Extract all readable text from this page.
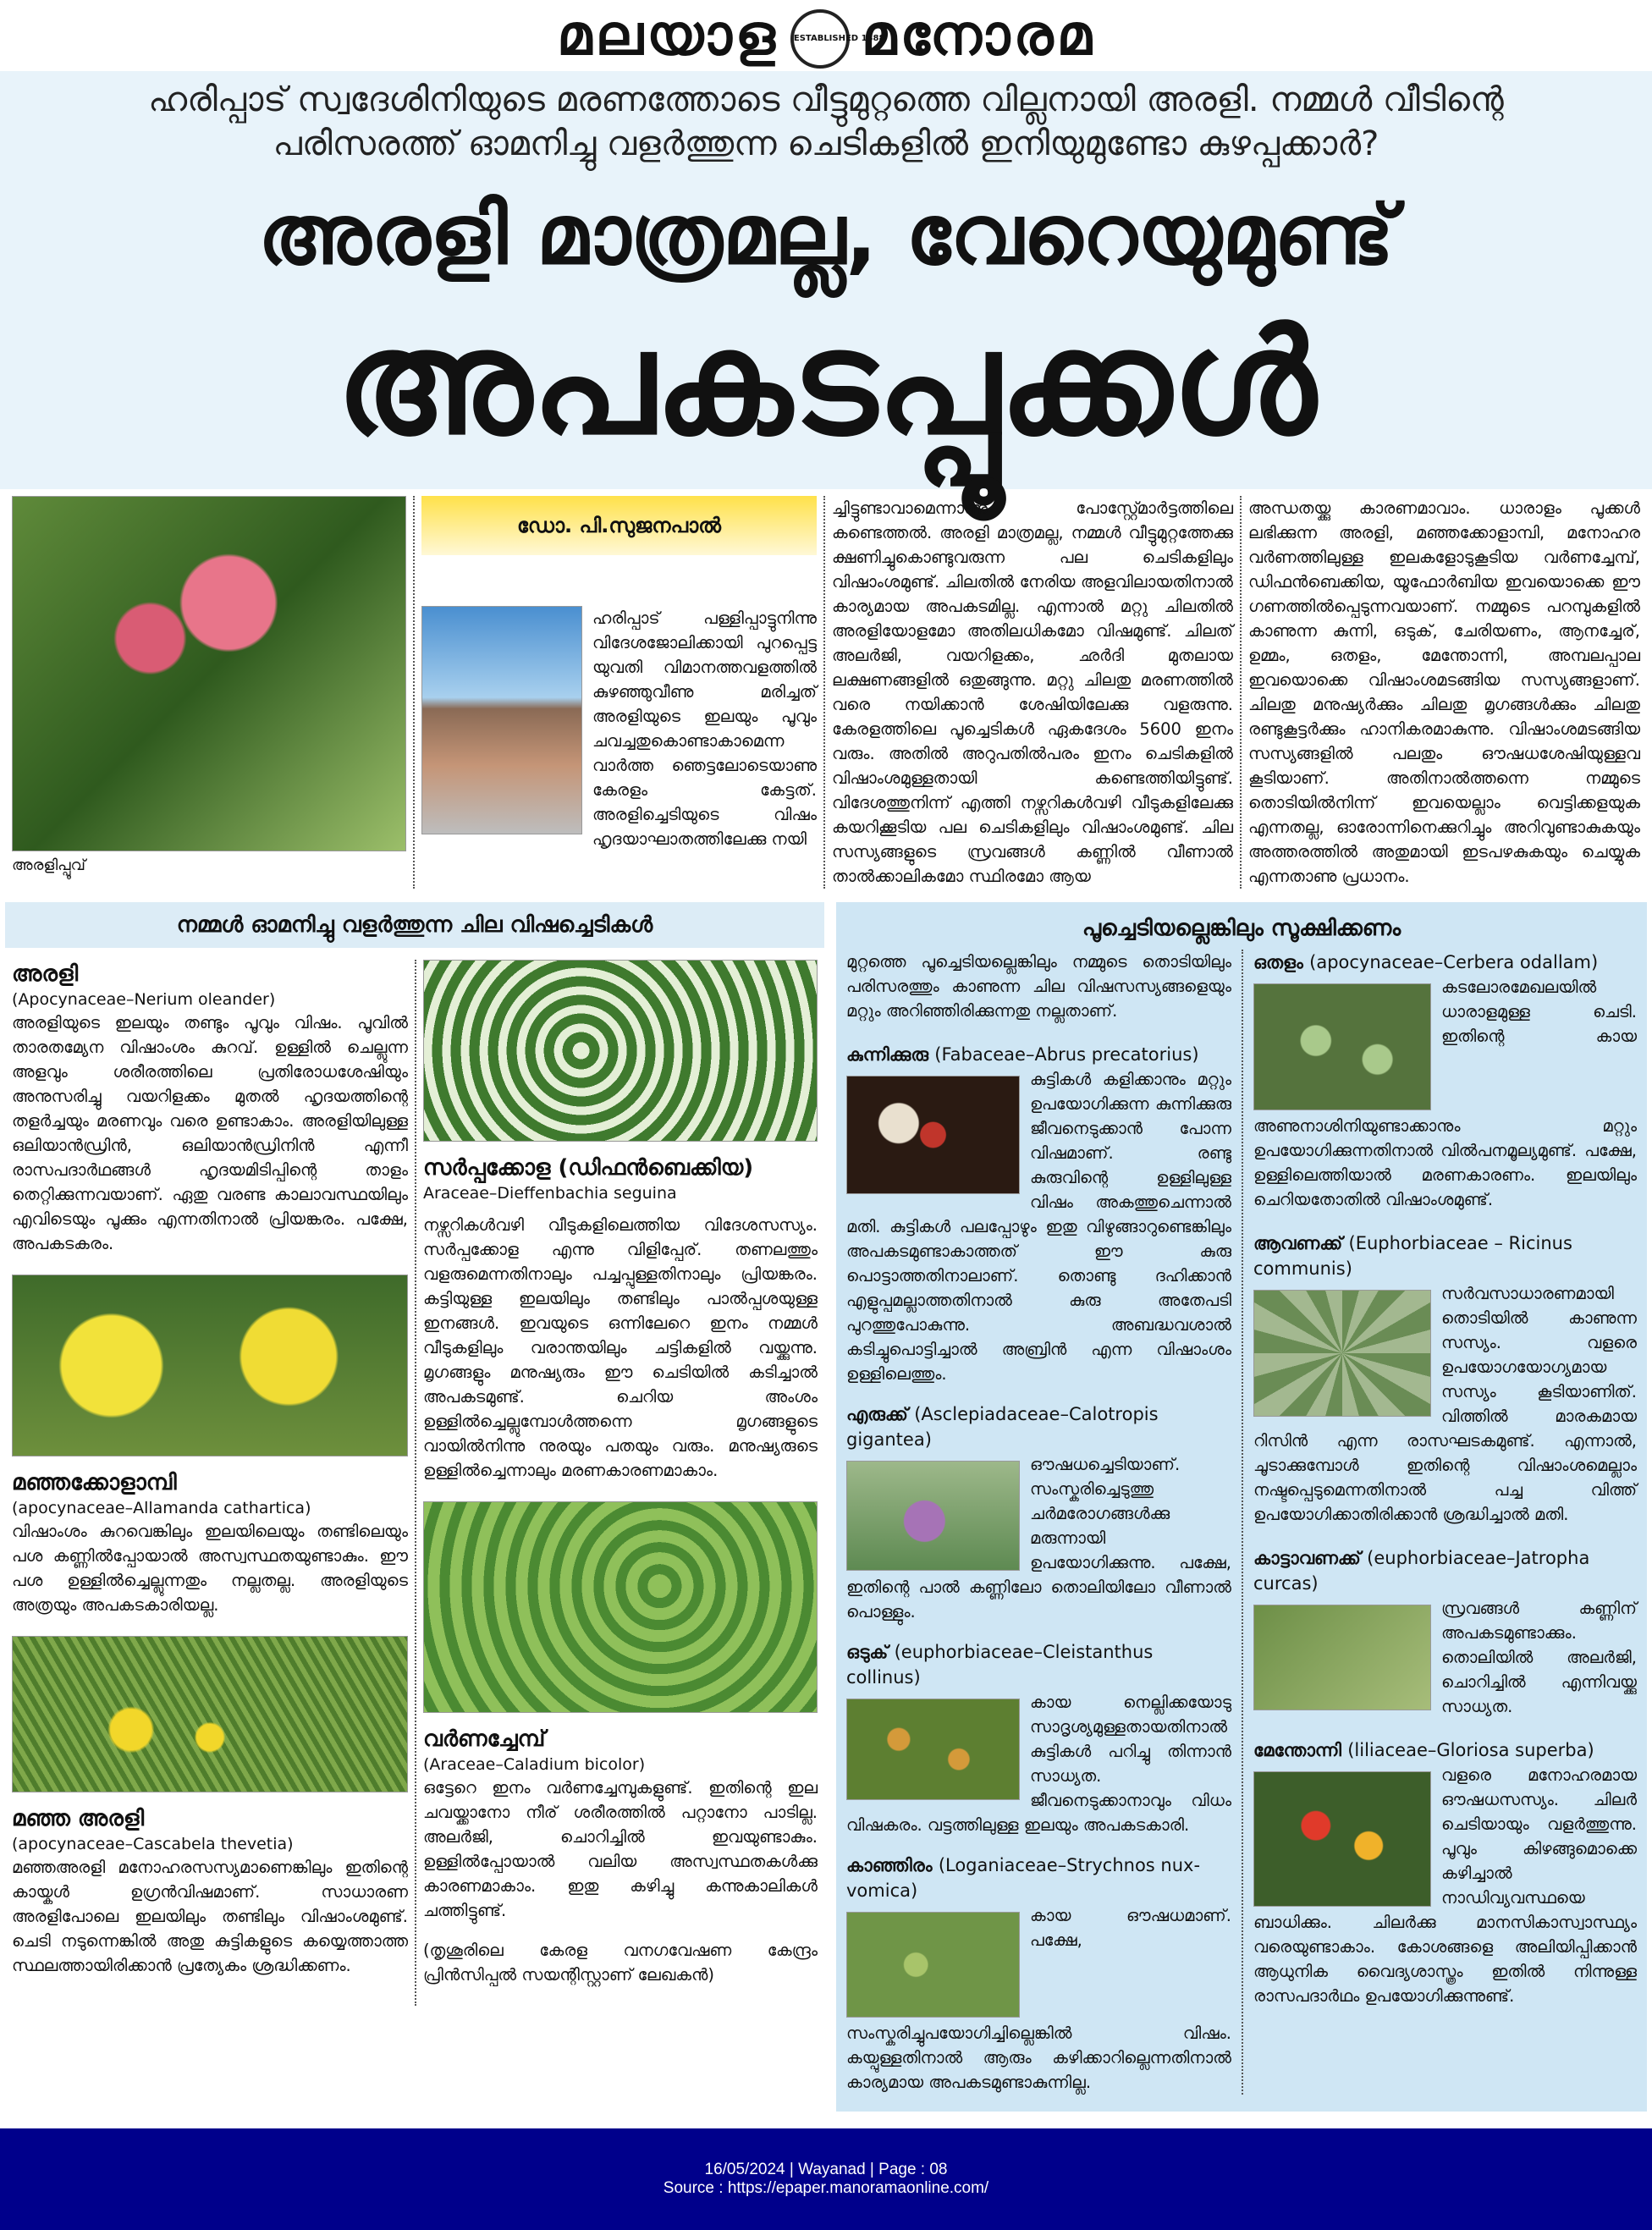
മലയാള ESTABLISHED 1888മനോരമ
ഹരിപ്പാട് സ്വദേശിനിയുടെ മരണത്തോടെ വീട്ടുമുറ്റത്തെ വില്ലനായി അരളി. നമ്മൾ വീടിന്റെ പരിസരത്ത് ഓമനിച്ചു വളർത്തുന്ന ചെടികളിൽ ഇനിയുമുണ്ടോ കുഴപ്പക്കാർ?
അരളി മാത്രമല്ല, വേറെയുമുണ്ട്
അപകടപ്പൂക്കൾ
അരളിപ്പൂവ്
ഡോ. പി.സുജനപാൽ
ഹരിപ്പാട് പള്ളിപ്പാട്ടുനിന്നു വിദേശജോലിക്കായി പുറപ്പെട്ട യുവതി വിമാനത്തവളത്തിൽ കുഴഞ്ഞുവീണു മരിച്ചത് അരളിയുടെ ഇലയും പൂവും ചവച്ചതുകൊണ്ടാകാമെന്ന വാർത്ത ഞെട്ടലോടെയാണു കേരളം കേട്ടത്. അരളിച്ചെടിയുടെ വിഷം ഹൃദയാഘാതത്തിലേക്കു നയി
ച്ചിട്ടുണ്ടാവാമെന്നാണു പോസ്റ്റ്മോർട്ടത്തിലെ കണ്ടെത്തൽ. അരളി മാത്രമല്ല, നമ്മൾ വീട്ടുമുറ്റത്തേക്കു ക്ഷണിച്ചുകൊണ്ടുവരുന്ന പല ചെടികളിലും വിഷാംശമുണ്ട്. ചിലതിൽ നേരിയ അളവിലായതിനാൽ കാര്യമായ അപകടമില്ല. എന്നാൽ മറ്റു ചിലതിൽ അരളിയോളമോ അതിലധികമോ വിഷമുണ്ട്. ചിലത് അലർജി, വയറിളക്കം, ഛർദി മുതലായ ലക്ഷണങ്ങളിൽ ഒതുങ്ങുന്നു. മറ്റു ചിലതു മരണത്തിൽ വരെ നയിക്കാൻ ശേഷിയിലേക്കു വളരുന്നു. കേരളത്തിലെ പൂച്ചെടികൾ ഏകദേശം 5600 ഇനം വരും. അതിൽ അറുപതിൽപരം ഇനം ചെടികളിൽ വിഷാംശമുള്ളതായി കണ്ടെത്തിയിട്ടുണ്ട്. വിദേശത്തുനിന്ന് എത്തി നഴ്സറികൾവഴി വീടുകളിലേക്കു കയറിക്കൂടിയ പല ചെടികളിലും വിഷാംശമുണ്ട്. ചില സസ്യങ്ങളുടെ സ്രവങ്ങൾ കണ്ണിൽ വീണാൽ താൽക്കാലികമോ സ്ഥിരമോ ആയ
അന്ധതയ്ക്കു കാരണമാവാം. ധാരാളം പൂക്കൾ ലഭിക്കുന്ന അരളി, മഞ്ഞക്കോളാമ്പി, മനോഹര വർണത്തിലുള്ള ഇലകളോടുകൂടിയ വർണച്ചേമ്പ്, ഡിഫൻബെക്കിയ, യൂഫോർബിയ ഇവയൊക്കെ ഈ ഗണത്തിൽപ്പെടുന്നവയാണ്. നമ്മുടെ പറമ്പുകളിൽ കാണുന്ന കുന്നി, ഒടുക്, ചേരിയണം, ആനച്ചേര്, ഉമ്മം, ഒതളം, മേന്തോന്നി, അമ്പലപ്പാല ഇവയൊക്കെ വിഷാംശമടങ്ങിയ സസ്യങ്ങളാണ്. ചിലതു മനുഷ്യർക്കും ചിലതു മൃഗങ്ങൾക്കും ചിലതു രണ്ടുകൂട്ടർക്കും ഹാനികരമാകുന്നു. വിഷാംശമടങ്ങിയ സസ്യങ്ങളിൽ പലതും ഔഷധശേഷിയുള്ളവ കൂടിയാണ്. അതിനാൽത്തന്നെ നമ്മുടെ തൊടിയിൽനിന്ന് ഇവയെല്ലാം വെട്ടിക്കളയുക എന്നതല്ല, ഓരോന്നിനെക്കുറിച്ചും അറിവുണ്ടാകുകയും അത്തരത്തിൽ അതുമായി ഇടപഴകുകയും ചെയ്യുക എന്നതാണു പ്രധാനം.
നമ്മൾ ഓമനിച്ചു വളർത്തുന്ന ചില വിഷച്ചെടികൾ
അരളി
(Apocynaceae–Nerium oleander)
അരളിയുടെ ഇലയും തണ്ടും പൂവും വിഷം. പൂവിൽ താരതമ്യേന വിഷാംശം കുറവ്. ഉള്ളിൽ ചെല്ലുന്ന അളവും ശരീരത്തിലെ പ്രതിരോധശേഷിയും അനുസരിച്ചു വയറിളക്കം മുതൽ ഹൃദയത്തിന്റെ തളർച്ചയും മരണവും വരെ ഉണ്ടാകാം. അരളിയിലുള്ള ഒലിയാൻഡ്രിൻ, ഒലിയാൻഡ്രിനിൻ എന്നീ രാസപദാർഥങ്ങൾ ഹൃദയമിടിപ്പിന്റെ താളം തെറ്റിക്കുന്നവയാണ്. ഏതു വരണ്ട കാലാവസ്ഥയിലും എവിടെയും പൂക്കും എന്നതിനാൽ പ്രിയങ്കരം. പക്ഷേ, അപകടകരം.
മഞ്ഞക്കോളാമ്പി
(apocynaceae–Allamanda cathartica)
വിഷാംശം കുറവെങ്കിലും ഇലയിലെയും തണ്ടിലെയും പശ കണ്ണിൽപ്പോയാൽ അസ്വസ്ഥതയുണ്ടാകും. ഈ പശ ഉള്ളിൽച്ചെല്ലുന്നതും നല്ലതല്ല. അരളിയുടെ അത്രയും അപകടകാരിയല്ല.
മഞ്ഞ അരളി
(apocynaceae–Cascabela thevetia)
മഞ്ഞഅരളി മനോഹരസസ്യമാണെങ്കിലും ഇതിന്റെ കായ്കൾ ഉഗ്രൻവിഷമാണ്. സാധാരണ അരളിപോലെ ഇലയിലും തണ്ടിലും വിഷാംശമുണ്ട്. ചെടി നടുന്നെങ്കിൽ അതു കുട്ടികളുടെ കയ്യെത്താത്ത സ്ഥലത്തായിരിക്കാൻ പ്രത്യേകം ശ്രദ്ധിക്കണം.
സർപ്പക്കോള (ഡിഫൻബെക്കിയ)
Araceae–Dieffenbachia seguina
നഴ്സറികൾവഴി വീടുകളിലെത്തിയ വിദേശസസ്യം. സർപ്പക്കോള എന്നു വിളിപ്പേര്. തണലത്തും വളരുമെന്നതിനാലും പച്ചപ്പുള്ളതിനാലും പ്രിയങ്കരം. കട്ടിയുള്ള ഇലയിലും തണ്ടിലും പാൽപ്പശയുള്ള ഇനങ്ങൾ. ഇവയുടെ ഒന്നിലേറെ ഇനം നമ്മൾ വീടുകളിലും വരാന്തയിലും ചട്ടികളിൽ വയ്ക്കുന്നു. മൃഗങ്ങളും മനുഷ്യരും ഈ ചെടിയിൽ കടിച്ചാൽ അപകടമുണ്ട്. ചെറിയ അംശം ഉള്ളിൽച്ചെല്ലുമ്പോൾത്തന്നെ മൃഗങ്ങളുടെ വായിൽനിന്നു നുരയും പതയും വരും. മനുഷ്യരുടെ ഉള്ളിൽച്ചെന്നാലും മരണകാരണമാകാം.
വർണച്ചേമ്പ്
(Araceae–Caladium bicolor)
ഒട്ടേറെ ഇനം വർണച്ചേമ്പുകളുണ്ട്. ഇതിന്റെ ഇല ചവയ്ക്കാനോ നീര് ശരീരത്തിൽ പറ്റാനോ പാടില്ല. അലർജി, ചൊറിച്ചിൽ ഇവയുണ്ടാകും. ഉള്ളിൽപ്പോയാൽ വലിയ അസ്വസ്ഥതകൾക്കു കാരണമാകാം. ഇതു കഴിച്ചു കന്നുകാലികൾ ചത്തിട്ടുണ്ട്.
(തൃശൂരിലെ കേരള വനഗവേഷണ കേന്ദ്രം പ്രിൻസിപ്പൽ സയന്റിസ്റ്റാണ് ലേഖകൻ)
പൂച്ചെടിയല്ലെങ്കിലും സൂക്ഷിക്കണം
മുറ്റത്തെ പൂച്ചെടിയല്ലെങ്കിലും നമ്മുടെ തൊടിയിലും പരിസരത്തും കാണുന്ന ചില വിഷസസ്യങ്ങളെയും മറ്റും അറിഞ്ഞിരിക്കുന്നതു നല്ലതാണ്.
കുന്നിക്കുരു (Fabaceae–Abrus precatorius)
കുട്ടികൾ കളിക്കാനും മറ്റും ഉപയോഗിക്കുന്ന കുന്നിക്കുരു ജീവനെടുക്കാൻ പോന്ന വിഷമാണ്. രണ്ടു കുരുവിന്റെ ഉള്ളിലുള്ള വിഷം അകത്തുചെന്നാൽ മതി. കുട്ടികൾ പലപ്പോഴും ഇതു വിഴുങ്ങാറുണ്ടെങ്കിലും അപകടമുണ്ടാകാത്തത് ഈ കുരു പൊട്ടാത്തതിനാലാണ്. തൊണ്ടു ദഹിക്കാൻ എളുപ്പമല്ലാത്തതിനാൽ കുരു അതേപടി പുറത്തുപോകുന്നു. അബദ്ധവശാൽ കടിച്ചുപൊട്ടിച്ചാൽ അബ്രിൻ എന്ന വിഷാംശം ഉള്ളിലെത്തും.
എരുക്ക് (Asclepiadaceae–Calotropis gigantea)
ഔഷധച്ചെടിയാണ്. സംസ്കരിച്ചെടുത്തു ചർമരോഗങ്ങൾക്കു മരുന്നായി ഉപയോഗിക്കുന്നു. പക്ഷേ, ഇതിന്റെ പാൽ കണ്ണിലോ തൊലിയിലോ വീണാൽ പൊള്ളും.
ഒടുക് (euphorbiaceae–Cleistanthus collinus)
കായ നെല്ലിക്കയോടു സാദൃശ്യമുള്ളതായതിനാൽ കുട്ടികൾ പറിച്ചു തിന്നാൻ സാധ്യത. ജീവനെടുക്കാനാവും വിധം വിഷകരം. വട്ടത്തിലുള്ള ഇലയും അപകടകാരി.
കാഞ്ഞിരം (Loganiaceae–Strychnos nux-vomica)
കായ ഔഷധമാണ്. പക്ഷേ, സംസ്കരിച്ചുപയോഗിച്ചില്ലെങ്കിൽ വിഷം. കയ്പുള്ളതിനാൽ ആരും കഴിക്കാറില്ലെന്നതിനാൽ കാര്യമായ അപകടമുണ്ടാകുന്നില്ല.
ഒതളം (apocynaceae–Cerbera odallam)
കടലോരമേഖലയിൽ ധാരാളമുള്ള ചെടി. ഇതിന്റെ കായ അണുനാശിനിയുണ്ടാക്കാനും മറ്റും ഉപയോഗിക്കുന്നതിനാൽ വിൽപനമൂല്യമുണ്ട്. പക്ഷേ, ഉള്ളിലെത്തിയാൽ മരണകാരണം. ഇലയിലും ചെറിയതോതിൽ വിഷാംശമുണ്ട്.
ആവണക്ക് (Euphorbiaceae – Ricinus communis)
സർവസാധാരണമായി തൊടിയിൽ കാണുന്ന സസ്യം. വളരെ ഉപയോഗയോഗ്യമായ സസ്യം കൂടിയാണിത്. വിത്തിൽ മാരകമായ റിസിൻ എന്ന രാസഘടകമുണ്ട്. എന്നാൽ, ചൂടാക്കുമ്പോൾ ഇതിന്റെ വിഷാംശമെല്ലാം നഷ്ടപ്പെടുമെന്നതിനാൽ പച്ച വിത്ത് ഉപയോഗിക്കാതിരിക്കാൻ ശ്രദ്ധിച്ചാൽ മതി.
കാട്ടാവണക്ക് (euphorbiaceae–Jatropha curcas)
സ്രവങ്ങൾ കണ്ണിന് അപകടമുണ്ടാക്കും. തൊലിയിൽ അലർജി, ചൊറിച്ചിൽ എന്നിവയ്ക്കു സാധ്യത.
മേന്തോന്നി (liliaceae–Gloriosa superba)
വളരെ മനോഹരമായ ഔഷധസസ്യം. ചിലർ ചെടിയായും വളർത്തുന്നു. പൂവും കിഴങ്ങുമൊക്കെ കഴിച്ചാൽ നാഡിവ്യവസ്ഥയെ ബാധിക്കും. ചിലർക്കു മാനസികാസ്വാസ്ഥ്യം വരെയുണ്ടാകാം. കോശങ്ങളെ അലിയിപ്പിക്കാൻ ആധുനിക വൈദ്യശാസ്ത്രം ഇതിൽ നിന്നുള്ള രാസപദാർഥം ഉപയോഗിക്കുന്നുണ്ട്.
16/05/2024 | Wayanad | Page : 08
Source : https://epaper.manoramaonline.com/
